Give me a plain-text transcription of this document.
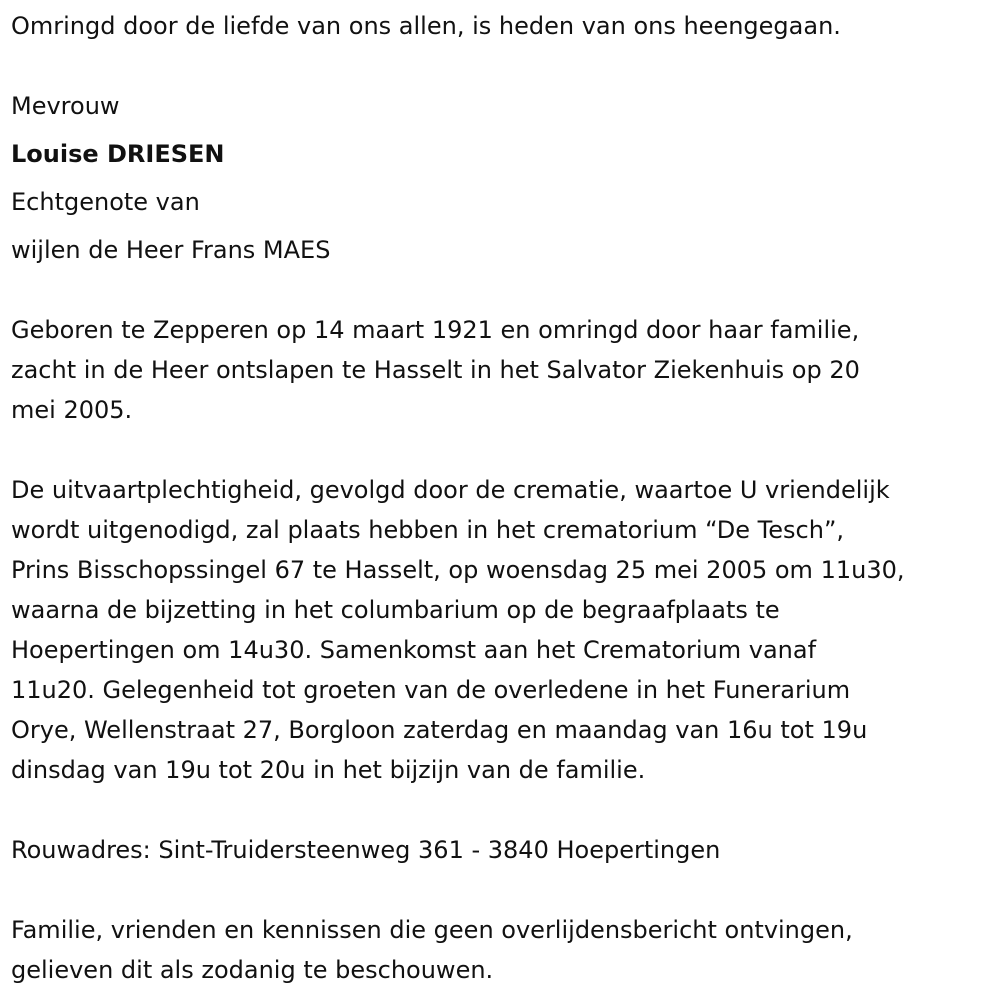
Omringd door de liefde van ons allen, is heden van ons heengegaan.
Mevrouw
Louise DRIESEN
Echtgenote van
wijlen de Heer Frans MAES
Geboren te Zepperen op 14 maart 1921 en omringd door haar familie,
zacht in de Heer ontslapen te Hasselt in het Salvator Ziekenhuis op 20
mei 2005.
De uitvaartplechtigheid, gevolgd door de crematie, waartoe U vriendelijk
wordt uitgenodigd, zal plaats hebben in het crematorium “De Tesch”,
Prins Bisschopssingel 67 te Hasselt, op woensdag 25 mei 2005 om 11u30,
waarna de bijzetting in het columbarium op de begraafplaats te
Hoepertingen om 14u30. Samenkomst aan het Crematorium vanaf
11u20. Gelegenheid tot groeten van de overledene in het Funerarium
Orye, Wellenstraat 27, Borgloon zaterdag en maandag van 16u tot 19u
dinsdag van 19u tot 20u in het bijzijn van de familie.
Rouwadres: Sint-Truidersteenweg 361 - 3840 Hoepertingen
Familie, vrienden en kennissen die geen overlijdensbericht ontvingen,
gelieven dit als zodanig te beschouwen.
